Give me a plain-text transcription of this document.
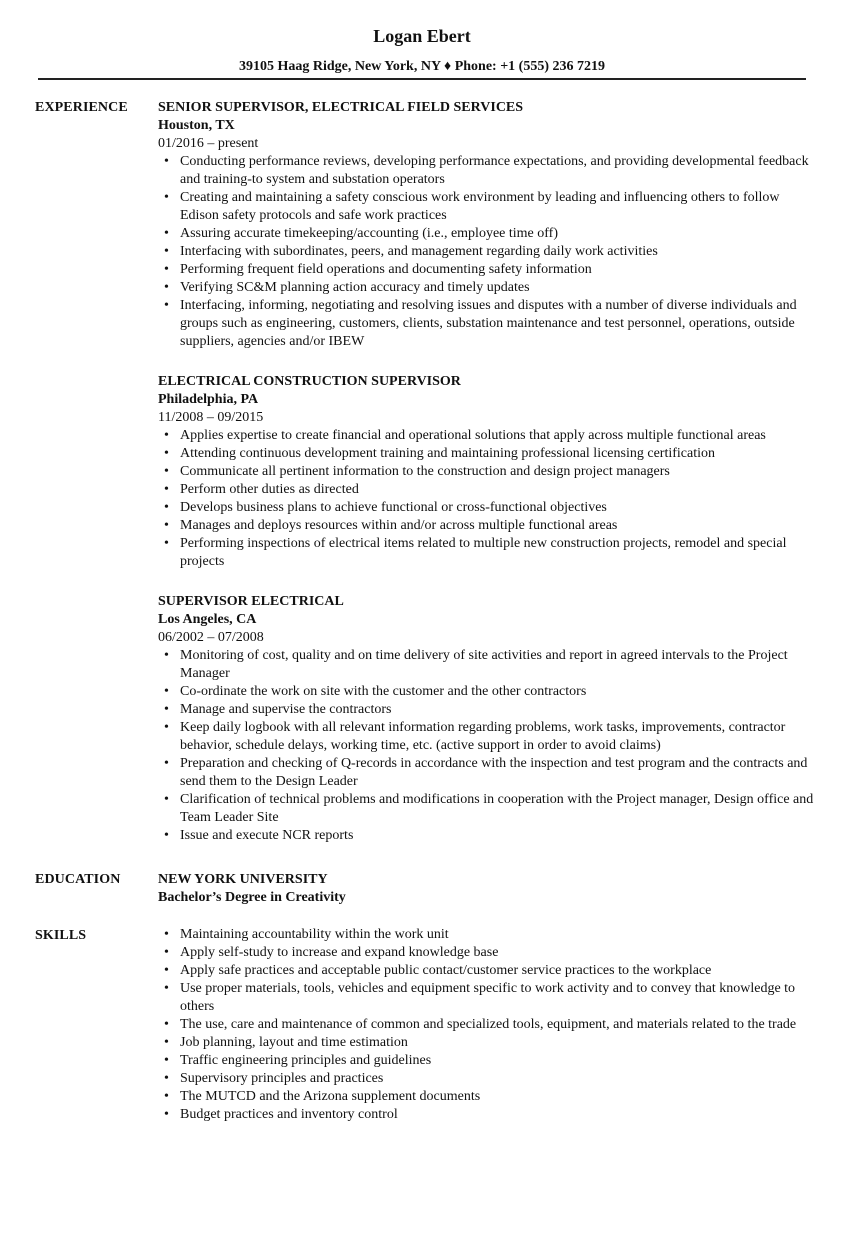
Logan Ebert
39105 Haag Ridge, New York, NY ♦ Phone: +1 (555) 236 7219
EXPERIENCE SENIOR SUPERVISOR, ELECTRICAL FIELD SERVICES
Houston, TX
01/2016 – present
• Conducting performance reviews, developing performance expectations, and providing developmental feedback and training-to system and substation operators
• Creating and maintaining a safety conscious work environment by leading and influencing others to follow Edison safety protocols and safe work practices
• Assuring accurate timekeeping/accounting (i.e., employee time off)
• Interfacing with subordinates, peers, and management regarding daily work activities
• Performing frequent field operations and documenting safety information
• Verifying SC&M planning action accuracy and timely updates
• Interfacing, informing, negotiating and resolving issues and disputes with a number of diverse individuals and groups such as engineering, customers, clients, substation maintenance and test personnel, operations, outside suppliers, agencies and/or IBEW
ELECTRICAL CONSTRUCTION SUPERVISOR
Philadelphia, PA
11/2008 – 09/2015
• Applies expertise to create financial and operational solutions that apply across multiple functional areas
• Attending continuous development training and maintaining professional licensing certification
• Communicate all pertinent information to the construction and design project managers
• Perform other duties as directed
• Develops business plans to achieve functional or cross-functional objectives
• Manages and deploys resources within and/or across multiple functional areas
• Performing inspections of electrical items related to multiple new construction projects, remodel and special projects
SUPERVISOR ELECTRICAL
Los Angeles, CA
06/2002 – 07/2008
• Monitoring of cost, quality and on time delivery of site activities and report in agreed intervals to the Project Manager
• Co-ordinate the work on site with the customer and the other contractors
• Manage and supervise the contractors
• Keep daily logbook with all relevant information regarding problems, work tasks, improvements, contractor behavior, schedule delays, working time, etc. (active support in order to avoid claims)
• Preparation and checking of Q-records in accordance with the inspection and test program and the contracts and send them to the Design Leader
• Clarification of technical problems and modifications in cooperation with the Project manager, Design office and Team Leader Site
• Issue and execute NCR reports
EDUCATION	NEW YORK UNIVERSITY
Bachelor’s Degree in Creativity
SKILLS	• Maintaining accountability within the work unit
• Apply self-study to increase and expand knowledge base
• Apply safe practices and acceptable public contact/customer service practices to the workplace
• Use proper materials, tools, vehicles and equipment specific to work activity and to convey that knowledge to others
• The use, care and maintenance of common and specialized tools, equipment, and materials related to the trade
• Job planning, layout and time estimation
• Traffic engineering principles and guidelines
• Supervisory principles and practices
• The MUTCD and the Arizona supplement documents
• Budget practices and inventory control
